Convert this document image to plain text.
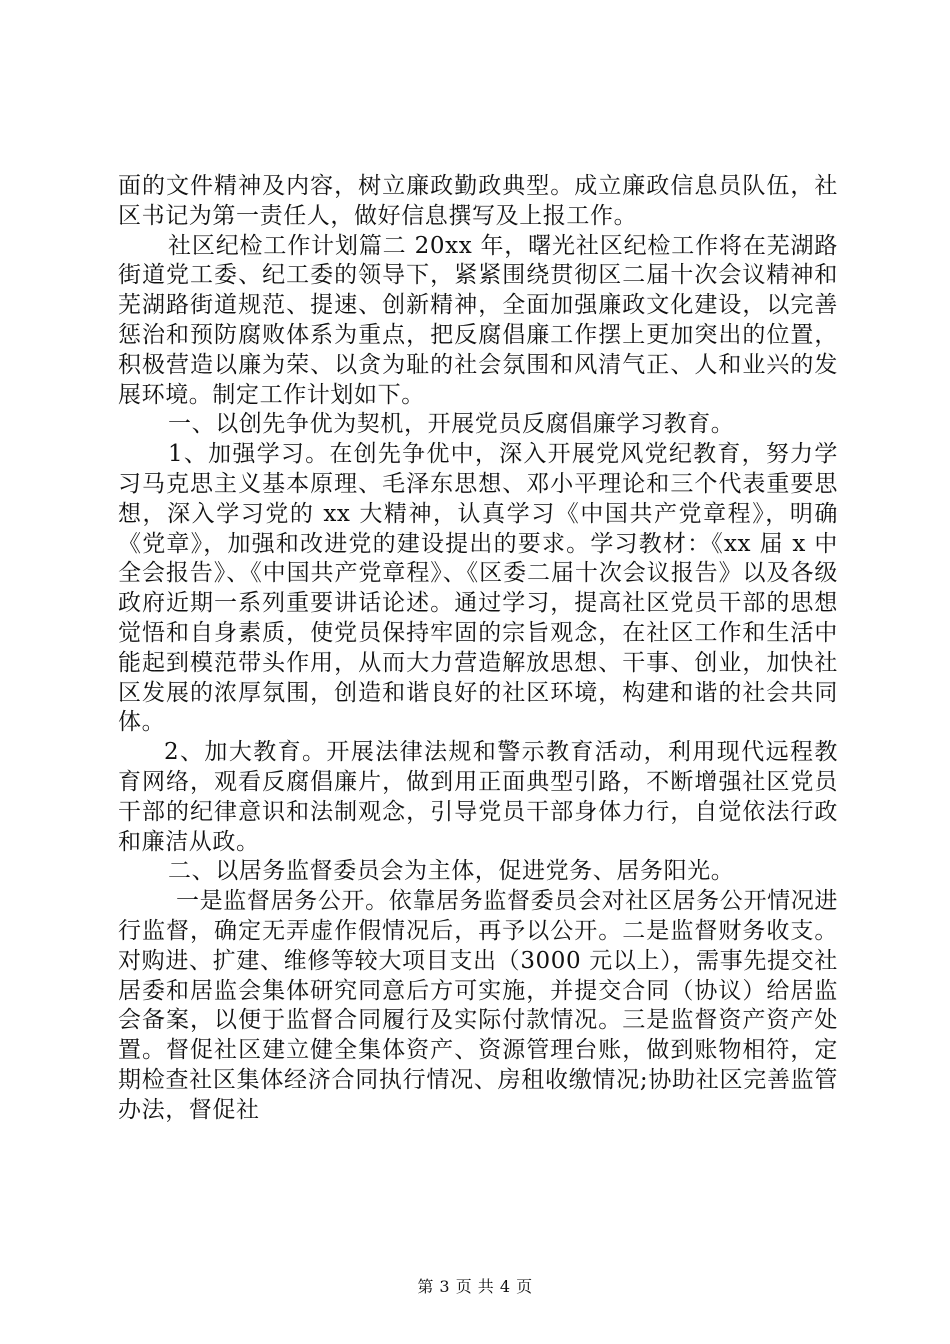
面的文件精神及内容，树立廉政勤政典型。成立廉政信息员队伍，社区书记为第一责任人，做好信息撰写及上报工作。

社区纪检工作计划篇二 20xx 年，曙光社区纪检工作将在芜湖路街道党工委、纪工委的领导下，紧紧围绕贯彻区二届十次会议精神和芜湖路街道规范、提速、创新精神，全面加强廉政文化建设，以完善惩治和预防腐败体系为重点，把反腐倡廉工作摆上更加突出的位置，积极营造以廉为荣、以贪为耻的社会氛围和风清气正、人和业兴的发展环境。制定工作计划如下。

一、以创先争优为契机，开展党员反腐倡廉学习教育。

1、加强学习。在创先争优中，深入开展党风党纪教育，努力学习马克思主义基本原理、毛泽东思想、邓小平理论和三个代表重要思想，深入学习党的 xx 大精神，认真学习《中国共产党章程》，明确《党章》，加强和改进党的建设提出的要求。学习教材：《xx 届 x 中全会报告》、《中国共产党章程》、《区委二届十次会议报告》以及各级政府近期一系列重要讲话论述。通过学习，提高社区党员干部的思想觉悟和自身素质，使党员保持牢固的宗旨观念，在社区工作和生活中能起到模范带头作用，从而大力营造解放思想、干事、创业，加快社区发展的浓厚氛围，创造和谐良好的社区环境，构建和谐的社会共同体。

2、加大教育。开展法律法规和警示教育活动，利用现代远程教育网络，观看反腐倡廉片，做到用正面典型引路，不断增强社区党员干部的纪律意识和法制观念，引导党员干部身体力行，自觉依法行政和廉洁从政。

二、以居务监督委员会为主体，促进党务、居务阳光。

一是监督居务公开。依靠居务监督委员会对社区居务公开情况进行监督，确定无弄虚作假情况后，再予以公开。二是监督财务收支。对购进、扩建、维修等较大项目支出（3000 元以上），需事先提交社居委和居监会集体研究同意后方可实施，并提交合同（协议）给居监会备案，以便于监督合同履行及实际付款情况。三是监督资产资产处置。督促社区建立健全集体资产、资源管理台账，做到账物相符，定期检查社区集体经济合同执行情况、房租收缴情况;协助社区完善监管办法，督促社

第 3 页 共 4 页
